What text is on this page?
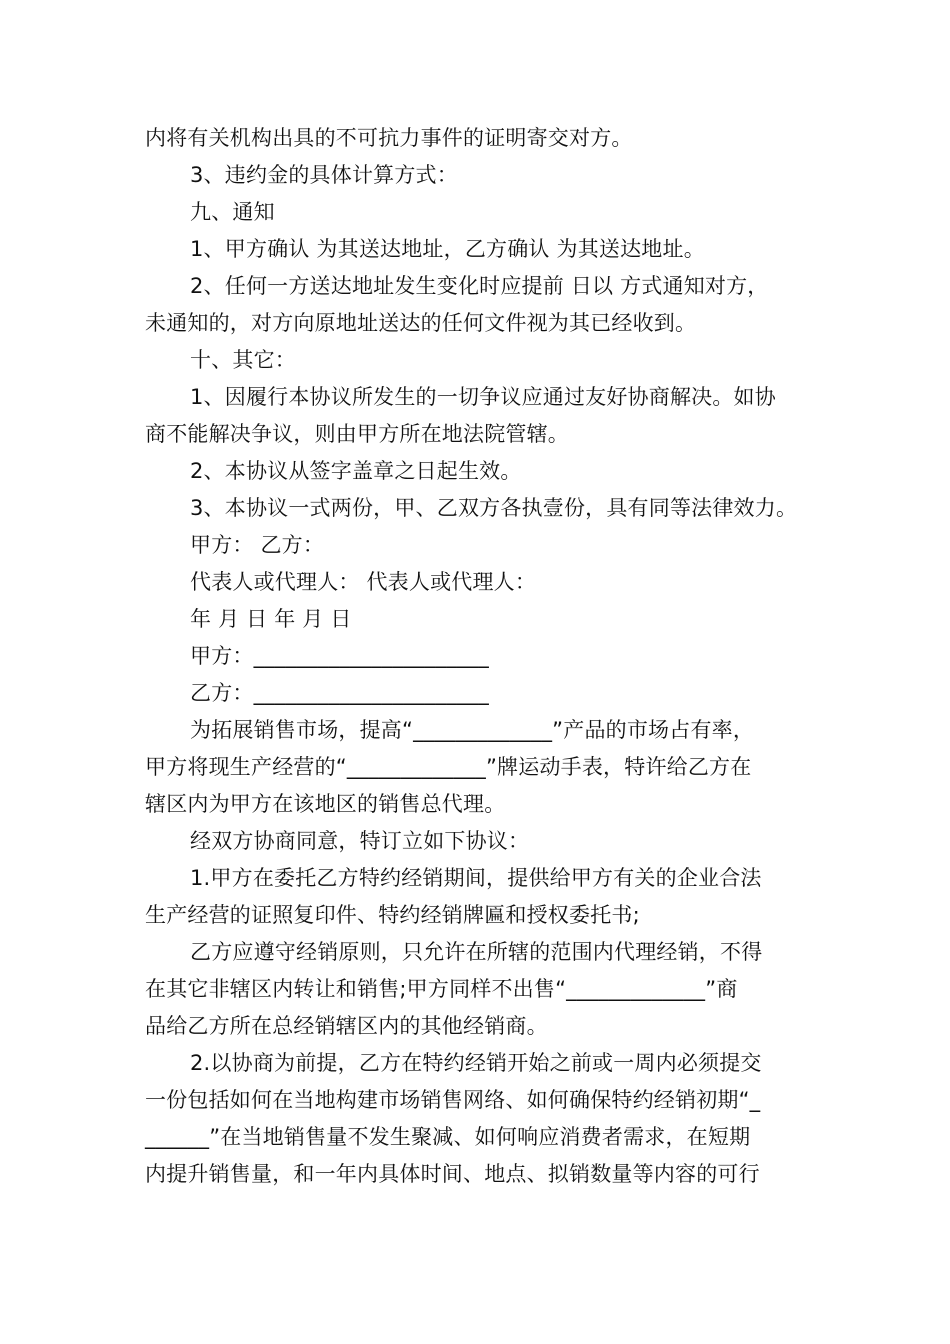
内将有关机构出具的不可抗力事件的证明寄交对方。
3、违约金的具体计算方式：
九、通知
1、甲方确认 为其送达地址，乙方确认 为其送达地址。
2、任何一方送达地址发生变化时应提前 日以 方式通知对方，
未通知的，对方向原地址送达的任何文件视为其已经收到。
十、其它：
1、因履行本协议所发生的一切争议应通过友好协商解决。如协
商不能解决争议，则由甲方所在地法院管辖。
2、本协议从签字盖章之日起生效。
3、本协议一式两份，甲、乙双方各执壹份，具有同等法律效力。
甲方： 乙方：
代表人或代理人： 代表人或代理人：
年 月 日 年 月 日
甲方：______________________
乙方：______________________
为拓展销售市场，提高“_____________”产品的市场占有率，
甲方将现生产经营的“_____________”牌运动手表，特许给乙方在
辖区内为甲方在该地区的销售总代理。
经双方协商同意，特订立如下协议：
1.甲方在委托乙方特约经销期间，提供给甲方有关的企业合法
生产经营的证照复印件、特约经销牌匾和授权委托书;
乙方应遵守经销原则，只允许在所辖的范围内代理经销，不得
在其它非辖区内转让和销售;甲方同样不出售“_____________”商
品给乙方所在总经销辖区内的其他经销商。
2.以协商为前提，乙方在特约经销开始之前或一周内必须提交
一份包括如何在当地构建市场销售网络、如何确保特约经销初期“_
______”在当地销售量不发生聚减、如何响应消费者需求，在短期
内提升销售量，和一年内具体时间、地点、拟销数量等内容的可行
